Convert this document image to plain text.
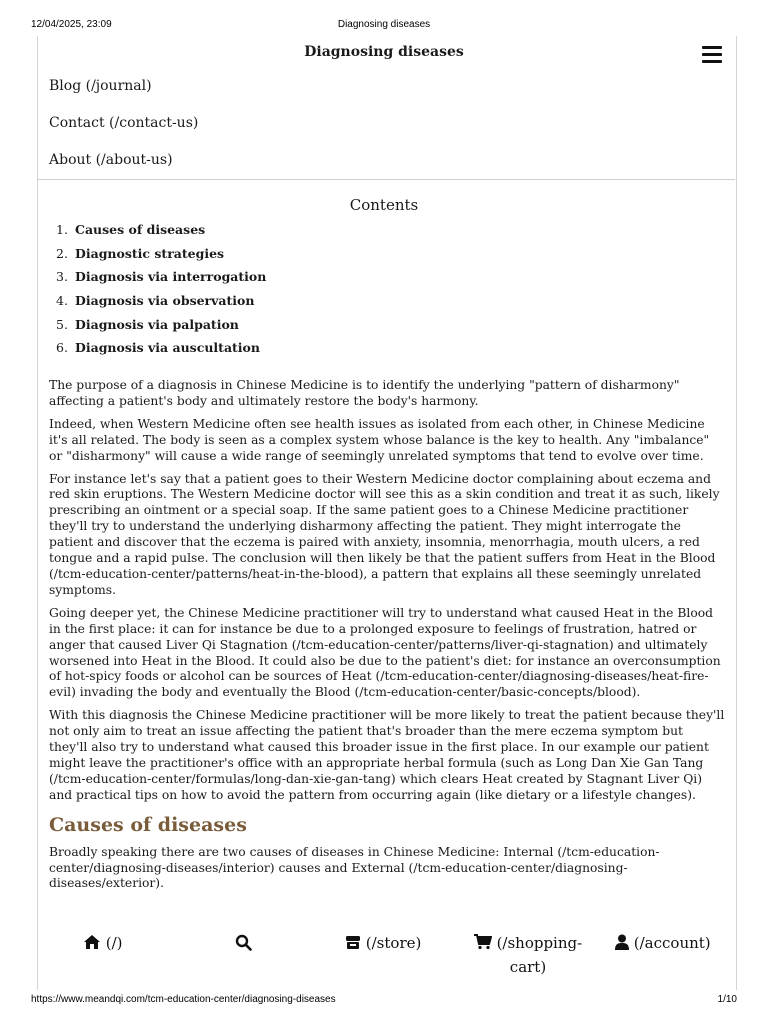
12/04/2025, 23:09	Diagnosing diseases
Diagnosing diseases
Blog (/journal)
Contact (/contact-us)
About (/about-us)
Contents
1. Causes of diseases
2. Diagnostic strategies
3. Diagnosis via interrogation
4. Diagnosis via observation
5. Diagnosis via palpation
6. Diagnosis via auscultation

The purpose of a diagnosis in Chinese Medicine is to identify the underlying "pattern of disharmony" affecting a patient's body and ultimately restore the body's harmony.

Indeed, when Western Medicine often see health issues as isolated from each other, in Chinese Medicine it's all related. The body is seen as a complex system whose balance is the key to health. Any "imbalance" or "disharmony" will cause a wide range of seemingly unrelated symptoms that tend to evolve over time.

For instance let's say that a patient goes to their Western Medicine doctor complaining about eczema and red skin eruptions. The Western Medicine doctor will see this as a skin condition and treat it as such, likely prescribing an ointment or a special soap. If the same patient goes to a Chinese Medicine practitioner they'll try to understand the underlying disharmony affecting the patient. They might interrogate the patient and discover that the eczema is paired with anxiety, insomnia, menorrhagia, mouth ulcers, a red tongue and a rapid pulse. The conclusion will then likely be that the patient suffers from Heat in the Blood (/tcm-education-center/patterns/heat-in-the-blood), a pattern that explains all these seemingly unrelated symptoms.

Going deeper yet, the Chinese Medicine practitioner will try to understand what caused Heat in the Blood in the first place: it can for instance be due to a prolonged exposure to feelings of frustration, hatred or anger that caused Liver Qi Stagnation (/tcm-education-center/patterns/liver-qi-stagnation) and ultimately worsened into Heat in the Blood. It could also be due to the patient's diet: for instance an overconsumption of hot-spicy foods or alcohol can be sources of Heat (/tcm-education-center/diagnosing-diseases/heat-fire-evil) invading the body and eventually the Blood (/tcm-education-center/basic-concepts/blood).

With this diagnosis the Chinese Medicine practitioner will be more likely to treat the patient because they'll not only aim to treat an issue affecting the patient that's broader than the mere eczema symptom but they'll also try to understand what caused this broader issue in the first place. In our example our patient might leave the practitioner's office with an appropriate herbal formula (such as Long Dan Xie Gan Tang (/tcm-education-center/formulas/long-dan-xie-gan-tang) which clears Heat created by Stagnant Liver Qi) and practical tips on how to avoid the pattern from occurring again (like dietary or a lifestyle changes).

Causes of diseases

Broadly speaking there are two causes of diseases in Chinese Medicine: Internal (/tcm-education-center/diagnosing-diseases/interior) causes and External (/tcm-education-center/diagnosing-diseases/exterior).

(/)	(/store)	(/shopping-
cart)
(/account)
https://www.meandqi.com/tcm-education-center/diagnosing-diseases	1/10
